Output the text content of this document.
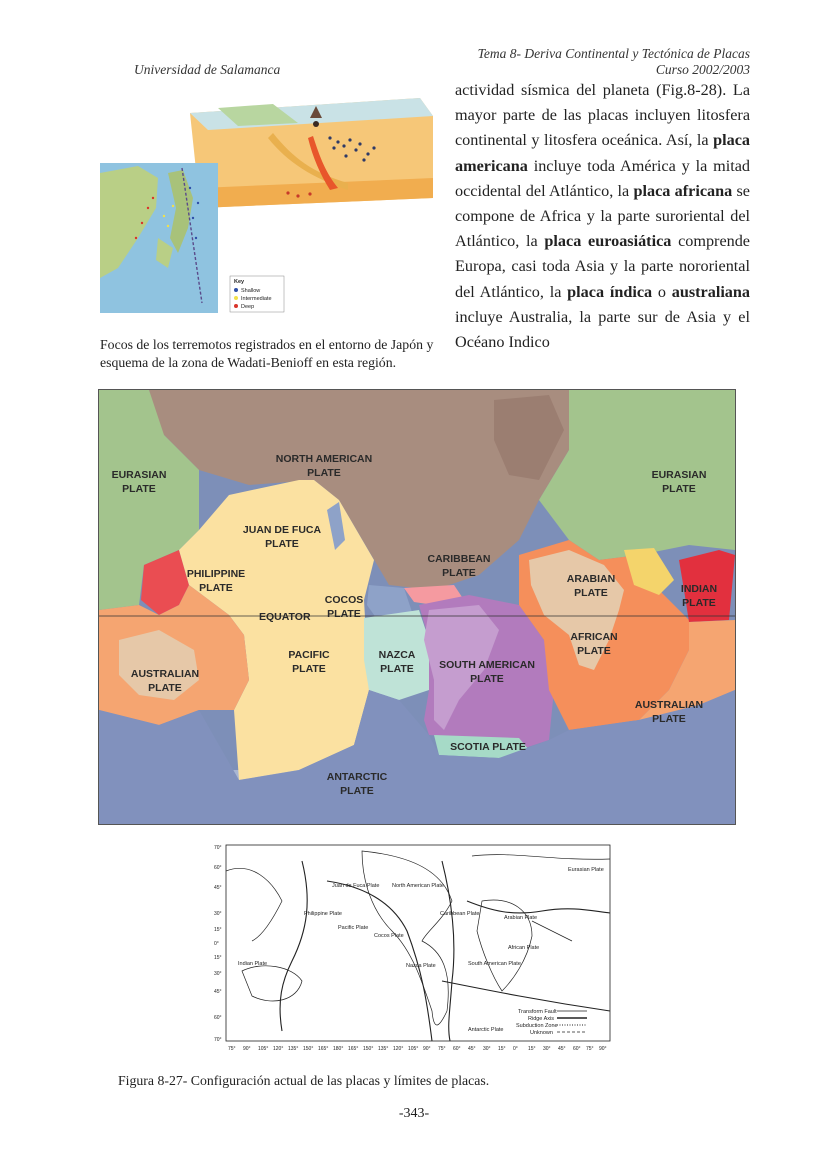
Universidad de Salamanca
Tema 8- Deriva Continental y Tectónica de Placas
Curso 2002/2003
Key
Shallow
Intermediate
Deep
actividad sísmica del planeta (Fig.8-28). La mayor parte de las placas incluyen litosfera continental y litosfera oceánica. Así, la placa americana incluye toda América y la mitad occidental del Atlántico, la placa africana se compone de Africa y la parte suroriental del Atlántico, la placa euroasiática comprende Europa, casi toda Asia y la parte nororiental del Atlántico, la placa índica o australiana incluye Australia, la parte sur de Asia y el Océano Indico
Focos de los terremotos registrados en el entorno de Japón y esquema de la zona de Wadati-Benioff en esta región.
EQUATOR
EURASIAN PLATE
NORTH AMERICAN PLATE	EURASIAN PLATE
JUAN DE FUCA PLATE
PHILIPPINE PLATE
CARIBBEAN PLATE	ARABIAN PLATE	INDIAN PLATE
COCOS PLATE
PACIFIC PLATE
NAZCA PLATE SOUTH AMERICAN PLATE
AFRICAN PLATE
AUSTRALIAN PLATE
AUSTRALIAN PLATE
SCOTIA PLATE
ANTARCTIC PLATE
70°
60°
45°
30°
15°
0°
15°
30°
45°
60°
70°
75° 90° 105° 120° 135° 150° 165° 180° 165° 150° 135° 120° 105° 90° 75° 60° 45° 30° 15° 0° 15° 30° 45° 60° 75° 90°
Eurasian Plate
Juan de Fuca Plate North American Plate
Philippine Plate
Pacific Plate
Cocos Plate
Caribbean Plate
Arabian Plate
African Plate
Indian Plate	Nazca Plate	South American Plate
Antarctic Plate
Transform Fault
Ridge Axis
Subduction Zone
Unknown
Figura 8-27- Configuración actual de las placas y límites de placas.
-343-
